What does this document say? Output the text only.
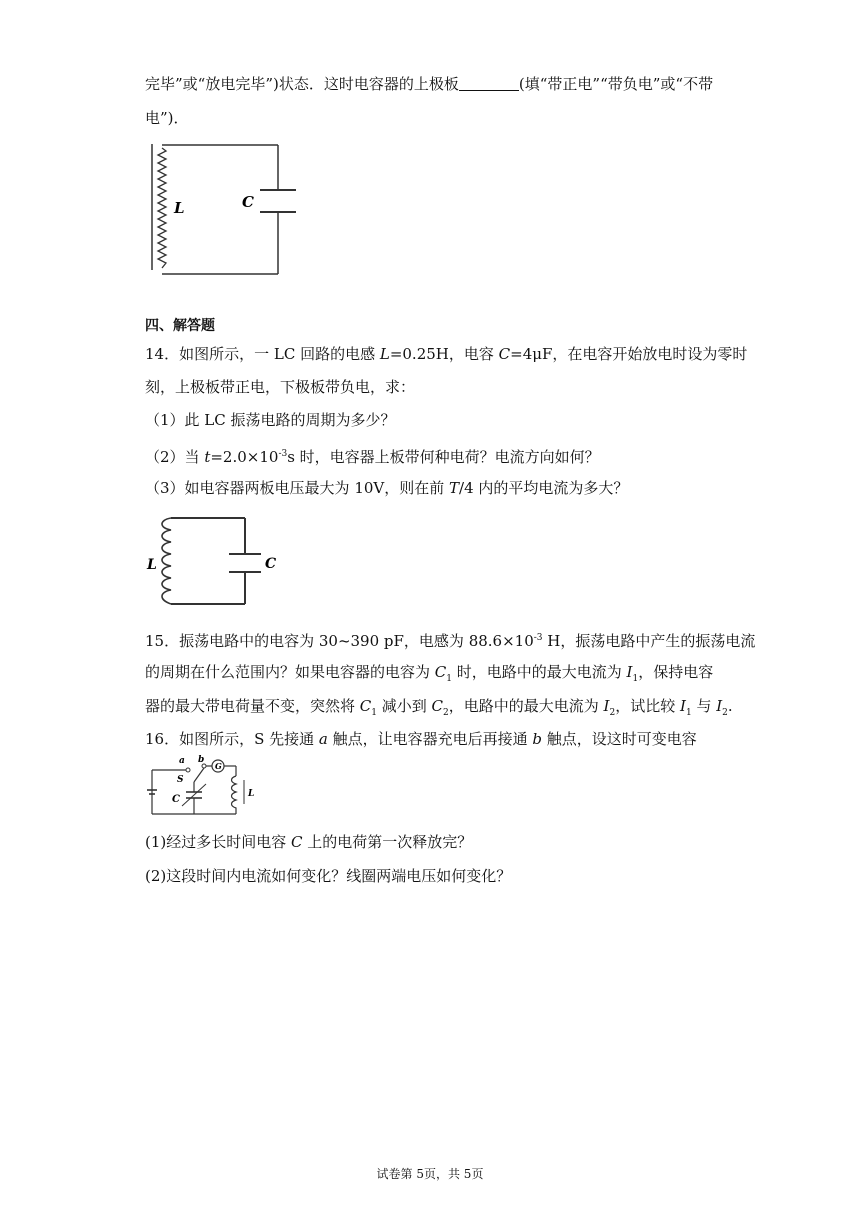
完毕”或“放电完毕”)状态．这时电容器的上极板	(填“带正电”“带负电”或“不带
电”)．
L	C
四、解答题
14．如图所示，一 LC 回路的电感 L=0.25H，电容 C=4μF，在电容开始放电时设为零时
刻，上极板带正电，下极板带负电，求：
（1）此 LC 振荡电路的周期为多少？
（2）当 $t=2.0\times 10^{-3}s$ 时，电容器上板带何种电荷？电流方向如何？
（3）如电容器两板电压最大为 10V，则在前 T/4 内的平均电流为多大？
L	C
15．振荡电路中的电容为 30~390 pF，电感为 $88.6\times 10^{-3}$ H，振荡电路中产生的振荡电流
的周期在什么范围内？如果电容器的电容为 $C_1$ 时，电路中的最大电流为 $I_1$，保持电容
器的最大带电荷量不变，突然将 $C_1$ 减小到 $C_2$，电路中的最大电流为 $I_2$，试比较 $I_1$ 与 $I_2$.
16．如图所示，S 先接通 a 触点，让电容器充电后再接通 b 触点，设这时可变电容
a b
S
G
C	L
(1)经过多长时间电容 C 上的电荷第一次释放完？
(2)这段时间内电流如何变化？线圈两端电压如何变化？
试卷第 5页，共 5页
